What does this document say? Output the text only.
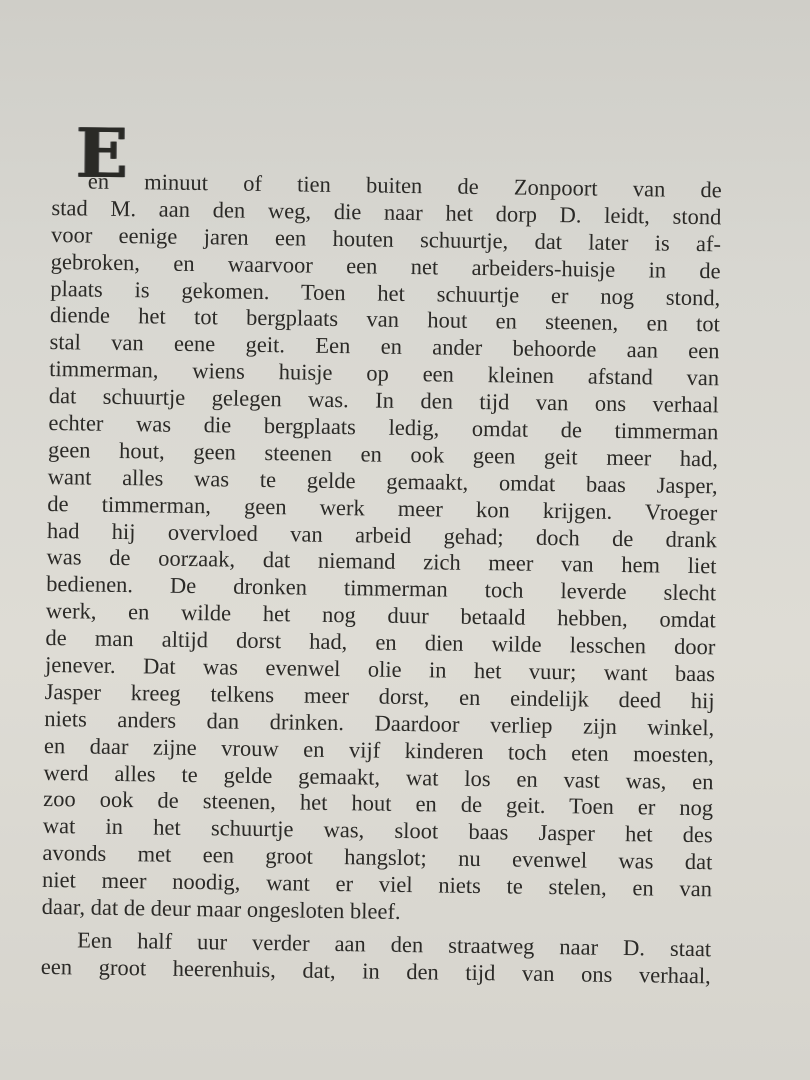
E
en minuut of tien buiten de Zonpoort van de
stad M. aan den weg, die naar het dorp D. leidt, stond
voor eenige jaren een houten schuurtje, dat later is af-
gebroken, en waarvoor een net arbeiders-huisje in de
plaats is gekomen. Toen het schuurtje er nog stond,
diende het tot bergplaats van hout en steenen, en tot
stal van eene geit. Een en ander behoorde aan een
timmerman, wiens huisje op een kleinen afstand van
dat schuurtje gelegen was. In den tijd van ons verhaal
echter was die bergplaats ledig, omdat de timmerman
geen hout, geen steenen en ook geen geit meer had,
want alles was te gelde gemaakt, omdat baas Jasper,
de timmerman, geen werk meer kon krijgen. Vroeger
had hij overvloed van arbeid gehad; doch de drank
was de oorzaak, dat niemand zich meer van hem liet
bedienen. De dronken timmerman toch leverde slecht
werk, en wilde het nog duur betaald hebben, omdat
de man altijd dorst had, en dien wilde lesschen door
jenever. Dat was evenwel olie in het vuur; want baas
Jasper kreeg telkens meer dorst, en eindelijk deed hij
niets anders dan drinken. Daardoor verliep zijn winkel,
en daar zijne vrouw en vijf kinderen toch eten moesten,
werd alles te gelde gemaakt, wat los en vast was, en
zoo ook de steenen, het hout en de geit. Toen er nog
wat in het schuurtje was, sloot baas Jasper het des
avonds met een groot hangslot; nu evenwel was dat
niet meer noodig, want er viel niets te stelen, en van
daar, dat de deur maar ongesloten bleef.
Een half uur verder aan den straatweg naar D. staat
een groot heerenhuis, dat, in den tijd van ons verhaal,
